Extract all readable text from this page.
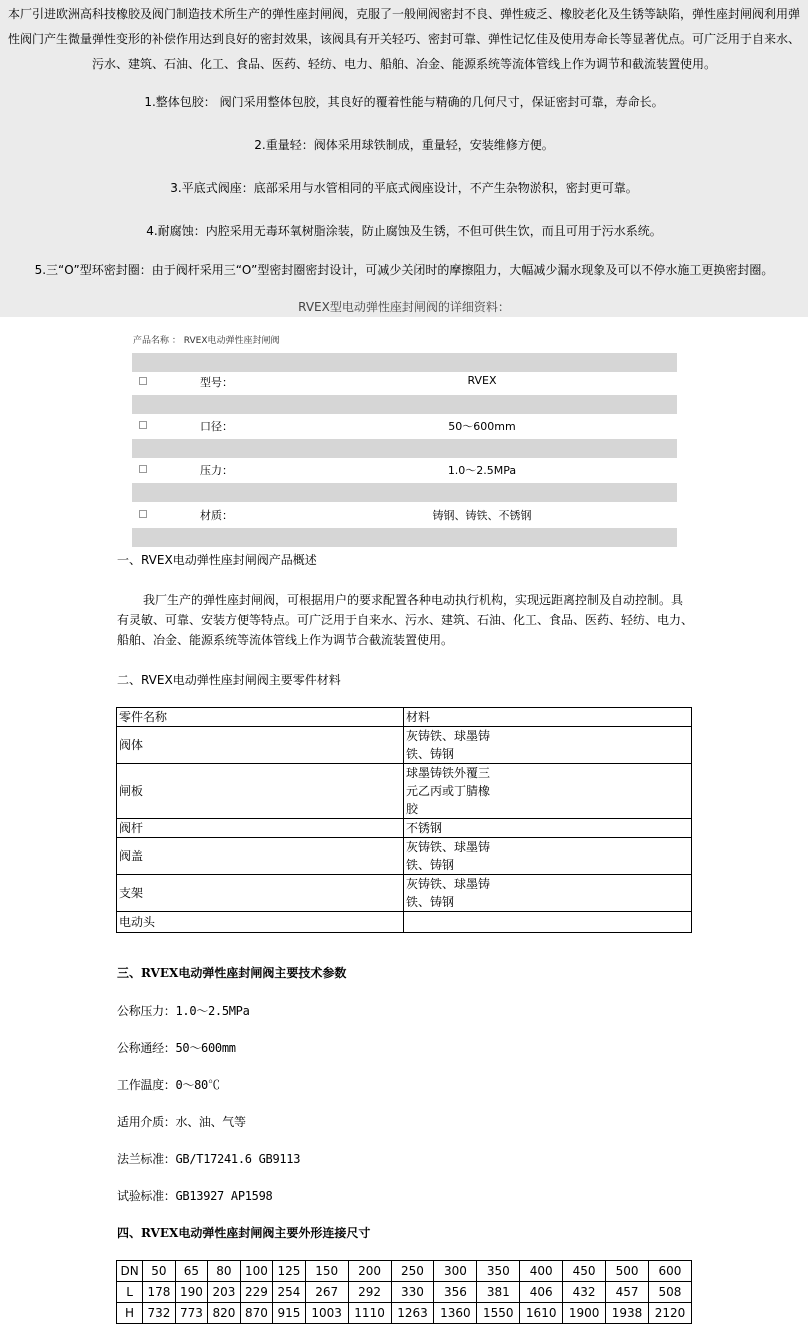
本厂引进欧洲高科技橡胶及阀门制造技术所生产的弹性座封闸阀，克服了一般闸阀密封不良、弹性疲乏、橡胶老化及生锈等缺陷，弹性座封闸阀利用弹性阀门产生微量弹性变形的补偿作用达到良好的密封效果，该阀具有开关轻巧、密封可靠、弹性记忆佳及使用寿命长等显著优点。可广泛用于自来水、污水、建筑、石油、化工、食品、医药、轻纺、电力、船舶、冶金、能源系统等流体管线上作为调节和截流装置使用。
1.整体包胶： 阀门采用整体包胶，其良好的覆着性能与精确的几何尺寸，保证密封可靠，寿命长。
2.重量轻：阀体采用球铁制成，重量轻，安装维修方便。
3.平底式阀座：底部采用与水管相同的平底式阀座设计，不产生杂物淤积，密封更可靠。
4.耐腐蚀：内腔采用无毒环氧树脂涂装，防止腐蚀及生锈，不但可供生饮，而且可用于污水系统。
5.三“O”型环密封圈：由于阀杆采用三“O”型密封圈密封设计，可减少关闭时的摩擦阻力，大幅减少漏水现象及可以不停水施工更换密封圈。
RVEX型电动弹性座封闸阀的详细资料：
产品名称 ： RVEX电动弹性座封闸阀
型号：	RVEX
口径：	50～600mm
压力：	1.0～2.5MPa
材质：	铸钢、铸铁、不锈钢
一、RVEX电动弹性座封闸阀产品概述
我厂生产的弹性座封闸阀，可根据用户的要求配置各种电动执行机构，实现远距离控制及自动控制。具有灵敏、可靠、安装方便等特点。可广泛用于自来水、污水、建筑、石油、化工、食品、医药、轻纺、电力、船舶、冶金、能源系统等流体管线上作为调节合截流装置使用。
二、RVEX电动弹性座封闸阀主要零件材料
零件名称	材料
阀体	灰铸铁、球墨铸
铁、铸钢

闸板	球墨铸铁外覆三
元乙丙或丁腈橡
胶

阀杆	不锈钢

阀盖	灰铸铁、球墨铸
铁、铸钢

支架	灰铸铁、球墨铸
铁、铸钢

电动头	
三、RVEX电动弹性座封闸阀主要技术参数
公称压力：1.0～2.5MPa
公称通经：50～600mm
工作温度：0～80℃
适用介质：水、油、气等
法兰标准：GB/T17241.6 GB9113
试验标准：GB13927 AP1598
四、RVEX电动弹性座封闸阀主要外形连接尺寸
DN	50	65	80	100	125	150	200	250	300	350	400	450	500	600
L	178	190	203	229	254	267	292	330	356	381	406	432	457	508
H	732	773	820	870	915	1003	1110	1263	1360	1550	1610	1900	1938	2120
